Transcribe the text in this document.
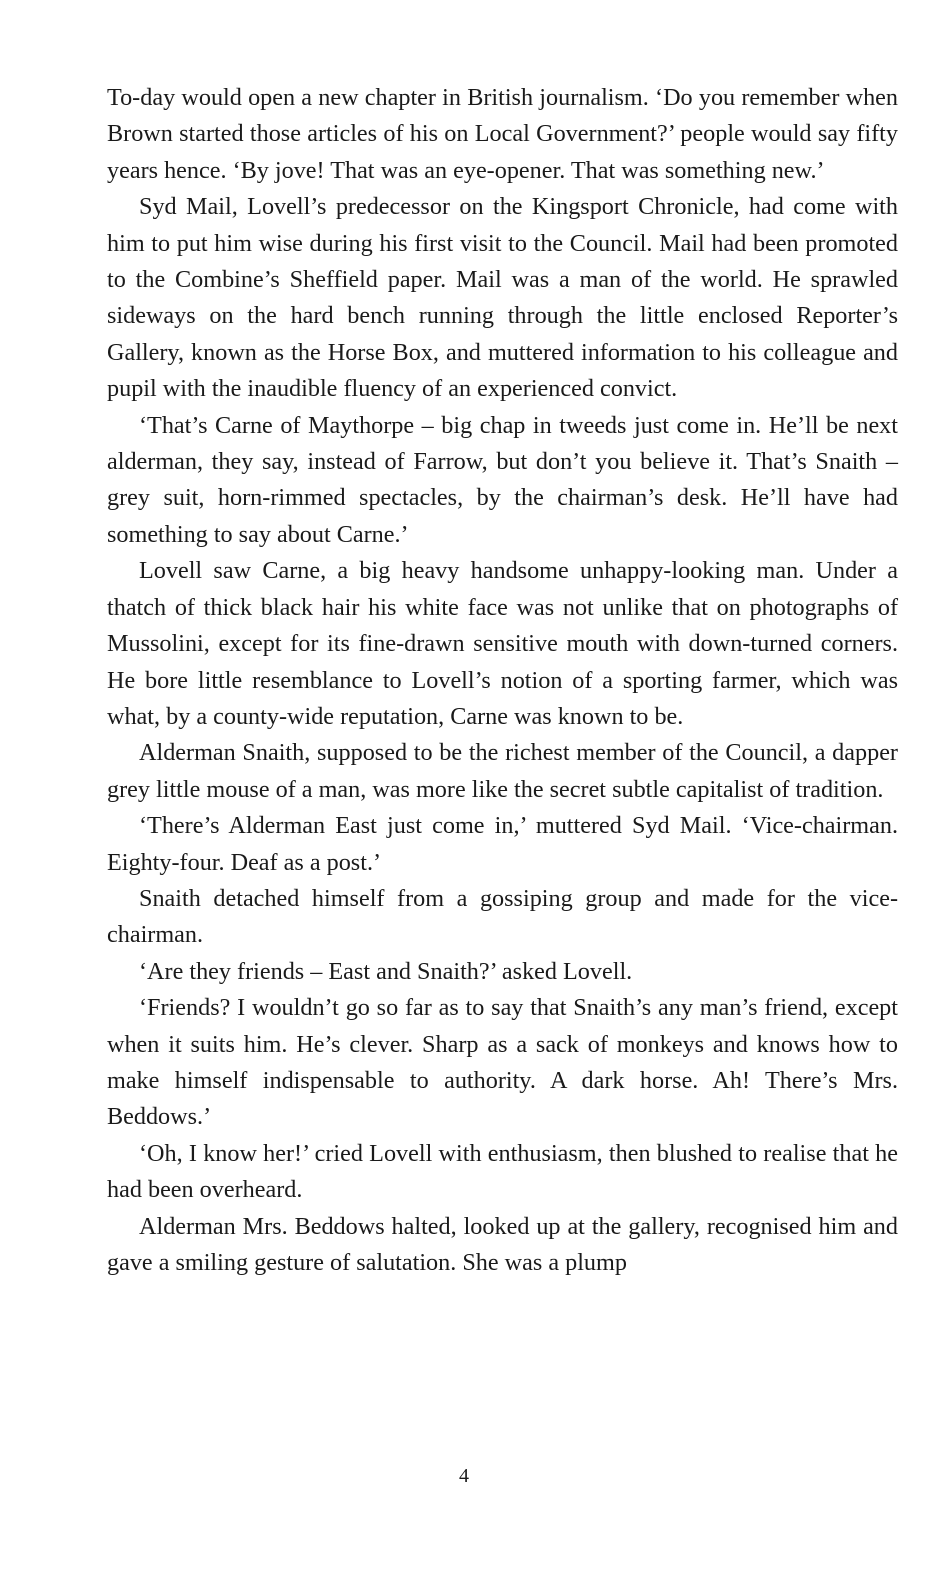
To-day would open a new chapter in British journalism. ‘Do you remember when Brown started those articles of his on Local Government?’ people would say fifty years hence. ‘By jove! That was an eye-opener. That was something new.’

Syd Mail, Lovell’s predecessor on the Kingsport Chronicle, had come with him to put him wise during his first visit to the Council. Mail had been promoted to the Combine’s Sheffield paper. Mail was a man of the world. He sprawled sideways on the hard bench running through the little enclosed Reporter’s Gallery, known as the Horse Box, and muttered information to his colleague and pupil with the inaudible fluency of an experienced convict.

‘That’s Carne of Maythorpe – big chap in tweeds just come in. He’ll be next alderman, they say, instead of Farrow, but don’t you believe it. That’s Snaith – grey suit, horn-rimmed spectacles, by the chairman’s desk. He’ll have had something to say about Carne.’

Lovell saw Carne, a big heavy handsome unhappy-looking man. Under a thatch of thick black hair his white face was not unlike that on photographs of Mussolini, except for its fine-drawn sensitive mouth with down-turned corners. He bore little resemblance to Lovell’s notion of a sporting farmer, which was what, by a county-wide reputation, Carne was known to be.

Alderman Snaith, supposed to be the richest member of the Council, a dapper grey little mouse of a man, was more like the secret subtle capitalist of tradition.

‘There’s Alderman East just come in,’ muttered Syd Mail. ‘Vice-chairman. Eighty-four. Deaf as a post.’

Snaith detached himself from a gossiping group and made for the vice-chairman.

‘Are they friends – East and Snaith?’ asked Lovell.

‘Friends? I wouldn’t go so far as to say that Snaith’s any man’s friend, except when it suits him. He’s clever. Sharp as a sack of monkeys and knows how to make himself indispensable to authority. A dark horse. Ah! There’s Mrs. Beddows.’

‘Oh, I know her!’ cried Lovell with enthusiasm, then blushed to realise that he had been overheard.

Alderman Mrs. Beddows halted, looked up at the gallery, recognised him and gave a smiling gesture of salutation. She was a plump

4
